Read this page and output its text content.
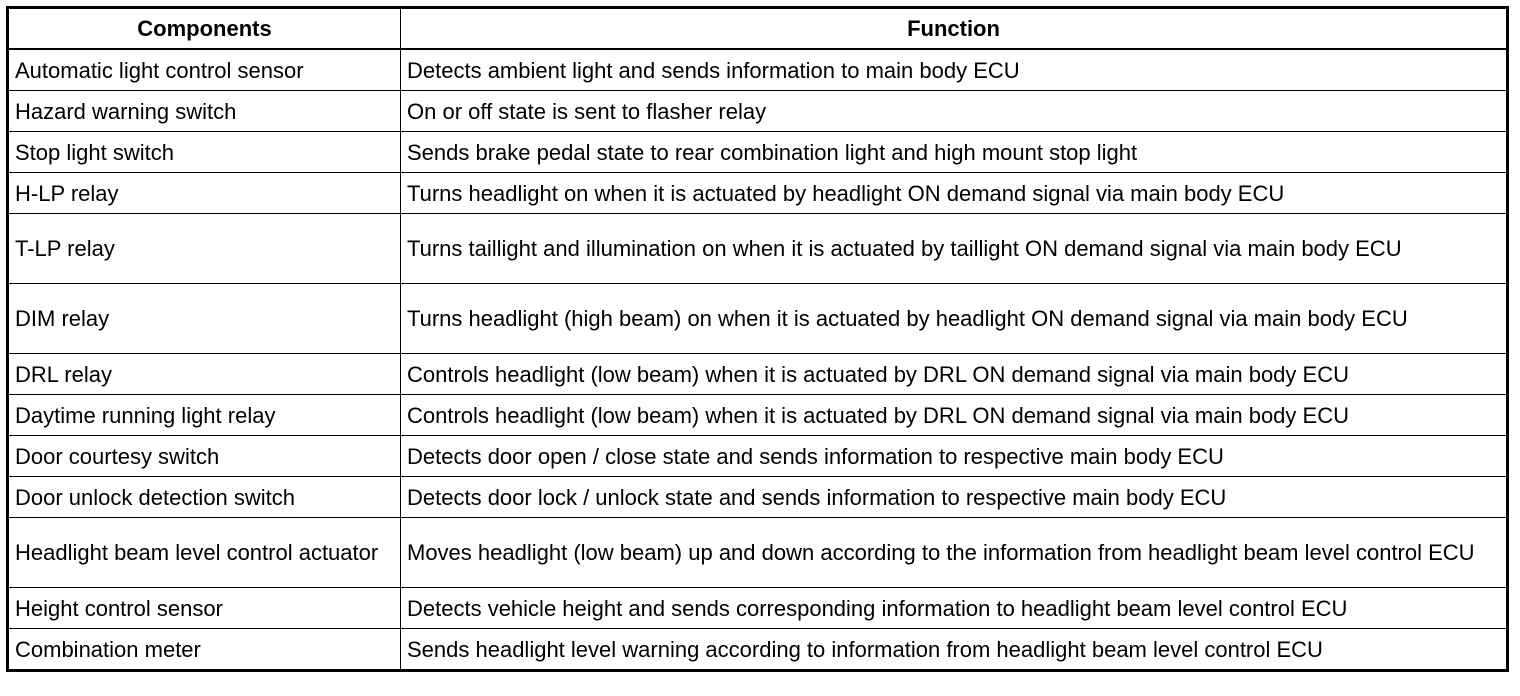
Components	Function
Automatic light control sensor	Detects ambient light and sends information to main body ECU
Hazard warning switch	On or off state is sent to flasher relay
Stop light switch	Sends brake pedal state to rear combination light and high mount stop light
H-LP relay	Turns headlight on when it is actuated by headlight ON demand signal via main body ECU
T-LP relay	Turns taillight and illumination on when it is actuated by taillight ON demand signal via main body ECU
DIM relay	Turns headlight (high beam) on when it is actuated by headlight ON demand signal via main body ECU
DRL relay	Controls headlight (low beam) when it is actuated by DRL ON demand signal via main body ECU
Daytime running light relay	Controls headlight (low beam) when it is actuated by DRL ON demand signal via main body ECU
Door courtesy switch	Detects door open / close state and sends information to respective main body ECU
Door unlock detection switch	Detects door lock / unlock state and sends information to respective main body ECU
Headlight beam level control actuator	Moves headlight (low beam) up and down according to the information from headlight beam level control ECU
Height control sensor	Detects vehicle height and sends corresponding information to headlight beam level control ECU
Combination meter	Sends headlight level warning according to information from headlight beam level control ECU
